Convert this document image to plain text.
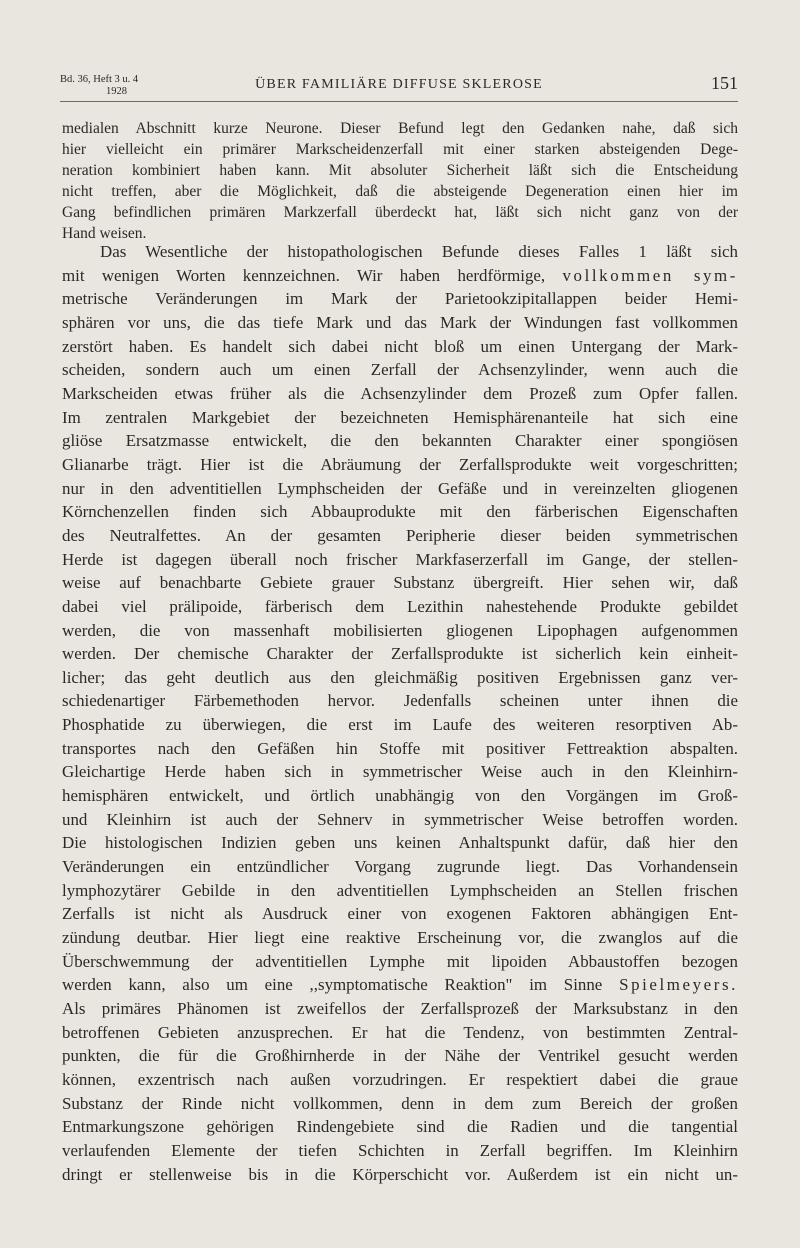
Bd. 36, Heft 3 u. 4
1928	ÜBER FAMILIÄRE DIFFUSE SKLEROSE	151
medialen Abschnitt kurze Neurone. Dieser Befund legt den Gedanken nahe, daß sich
hier vielleicht ein primärer Markscheidenzerfall mit einer starken absteigenden Dege-
neration kombiniert haben kann. Mit absoluter Sicherheit läßt sich die Entscheidung
nicht treffen, aber die Möglichkeit, daß die absteigende Degeneration einen hier im
Gang befindlichen primären Markzerfall überdeckt hat, läßt sich nicht ganz von der
Hand weisen.
Das Wesentliche der histopathologischen Befunde dieses Falles 1 läßt sich
mit wenigen Worten kennzeichnen. Wir haben herdförmige, vollkommen sym-
metrische Veränderungen im Mark der Parietookzipitallappen beider Hemi-
sphären vor uns, die das tiefe Mark und das Mark der Windungen fast vollkommen
zerstört haben. Es handelt sich dabei nicht bloß um einen Untergang der Mark-
scheiden, sondern auch um einen Zerfall der Achsenzylinder, wenn auch die
Markscheiden etwas früher als die Achsenzylinder dem Prozeß zum Opfer fallen.
Im zentralen Markgebiet der bezeichneten Hemisphärenanteile hat sich eine
gliöse Ersatzmasse entwickelt, die den bekannten Charakter einer spongiösen
Glianarbe trägt. Hier ist die Abräumung der Zerfallsprodukte weit vorgeschritten;
nur in den adventitiellen Lymphscheiden der Gefäße und in vereinzelten gliogenen
Körnchenzellen finden sich Abbauprodukte mit den färberischen Eigenschaften
des Neutralfettes. An der gesamten Peripherie dieser beiden symmetrischen
Herde ist dagegen überall noch frischer Markfaserzerfall im Gange, der stellen-
weise auf benachbarte Gebiete grauer Substanz übergreift. Hier sehen wir, daß
dabei viel prälipoide, färberisch dem Lezithin nahestehende Produkte gebildet
werden, die von massenhaft mobilisierten gliogenen Lipophagen aufgenommen
werden. Der chemische Charakter der Zerfallsprodukte ist sicherlich kein einheit-
licher; das geht deutlich aus den gleichmäßig positiven Ergebnissen ganz ver-
schiedenartiger Färbemethoden hervor. Jedenfalls scheinen unter ihnen die
Phosphatide zu überwiegen, die erst im Laufe des weiteren resorptiven Ab-
transportes nach den Gefäßen hin Stoffe mit positiver Fettreaktion abspalten.
Gleichartige Herde haben sich in symmetrischer Weise auch in den Kleinhirn-
hemisphären entwickelt, und örtlich unabhängig von den Vorgängen im Groß-
und Kleinhirn ist auch der Sehnerv in symmetrischer Weise betroffen worden.
Die histologischen Indizien geben uns keinen Anhaltspunkt dafür, daß hier den
Veränderungen ein entzündlicher Vorgang zugrunde liegt. Das Vorhandensein
lymphozytärer Gebilde in den adventitiellen Lymphscheiden an Stellen frischen
Zerfalls ist nicht als Ausdruck einer von exogenen Faktoren abhängigen Ent-
zündung deutbar. Hier liegt eine reaktive Erscheinung vor, die zwanglos auf die
Überschwemmung der adventitiellen Lymphe mit lipoiden Abbaustoffen bezogen
werden kann, also um eine ,,symptomatische Reaktion" im Sinne Spielmeyers.
Als primäres Phänomen ist zweifellos der Zerfallsprozeß der Marksubstanz in den
betroffenen Gebieten anzusprechen. Er hat die Tendenz, von bestimmten Zentral-
punkten, die für die Großhirnherde in der Nähe der Ventrikel gesucht werden
können, exzentrisch nach außen vorzudringen. Er respektiert dabei die graue
Substanz der Rinde nicht vollkommen, denn in dem zum Bereich der großen
Entmarkungszone gehörigen Rindengebiete sind die Radien und die tangential
verlaufenden Elemente der tiefen Schichten in Zerfall begriffen. Im Kleinhirn
dringt er stellenweise bis in die Körperschicht vor. Außerdem ist ein nicht un-
